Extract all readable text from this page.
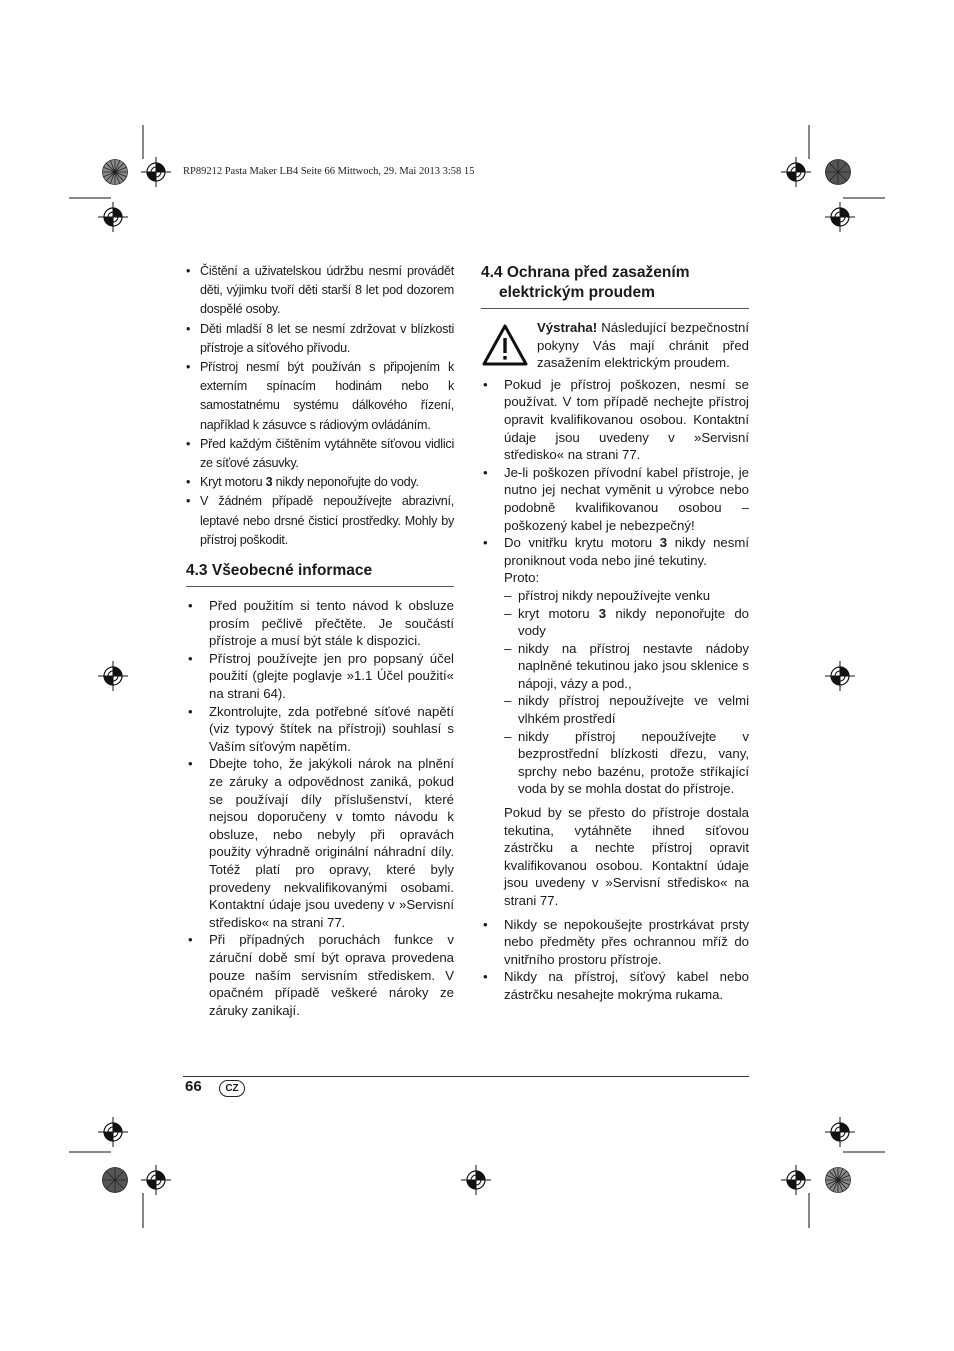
RP89212 Pasta Maker LB4 Seite 66 Mittwoch, 29. Mai 2013 3:58 15
• Čištění a uživatelskou údržbu nesmí provádět děti, výjimku tvoří děti starší 8 let pod dozorem dospělé osoby.
• Děti mladší 8 let se nesmí zdržovat v blízkosti přístroje a síťového přívodu.
• Přístroj nesmí být používán s připojením k externím spínacím hodinám nebo k samostatnému systému dálkového řízení, například k zásuvce s rádiovým ovládáním.
• Před každým čištěním vytáhněte síťovou vidlici ze síťové zásuvky.
• Kryt motoru 3 nikdy neponořujte do vody.
• V žádném případě nepoužívejte abrazivní, leptavé nebo drsné čisticí prostředky. Mohly by přístroj poškodit.
4.3 Všeobecné informace
• Před použitím si tento návod k obsluze prosím pečlivě přečtěte. Je součástí přístroje a musí být stále k dispozici.
• Přístroj používejte jen pro popsaný účel použití (glejte poglavje »1.1 Účel použití« na strani 64).
• Zkontrolujte, zda potřebné síťové napětí (viz typový štítek na přístroji) souhlasí s Vaším síťovým napětím.
• Dbejte toho, že jakýkoli nárok na plnění ze záruky a odpovědnost zaniká, pokud se používají díly příslušenství, které nejsou doporučeny v tomto návodu k obsluze, nebo nebyly při opravách použity výhradně originální náhradní díly. Totéž platí pro opravy, které byly provedeny nekvalifikovanými osobami. Kontaktní údaje jsou uvedeny v »Servisní středisko« na strani 77.
• Při případných poruchách funkce v záruční době smí být oprava provedena pouze naším servisním střediskem. V opačném případě veškeré nároky ze záruky zanikají.
4.4 Ochrana před zasažením
elektrickým proudem
Výstraha! Následující bezpečnostní pokyny Vás mají chránit před zasažením elektrickým proudem.
• Pokud je přístroj poškozen, nesmí se používat. V tom případě nechejte přístroj opravit kvalifikovanou osobou. Kontaktní údaje jsou uvedeny v »Servisní středisko« na strani 77.
• Je-li poškozen přívodní kabel přístroje, je nutno jej nechat vyměnit u výrobce nebo podobně kvalifikovanou osobou – poškozený kabel je nebezpečný!
• Do vnitřku krytu motoru 3 nikdy nesmí proniknout voda nebo jiné tekutiny.
Proto:
– přístroj nikdy nepoužívejte venku
– kryt motoru 3 nikdy neponořujte do vody
– nikdy na přístroj nestavte nádoby naplněné tekutinou jako jsou sklenice s nápoji, vázy a pod.,
– nikdy přístroj nepoužívejte ve velmi vlhkém prostředí
– nikdy přístroj nepoužívejte v bezprostřední blízkosti dřezu, vany, sprchy nebo bazénu, protože stříkající voda by se mohla dostat do přístroje.
Pokud by se přesto do přístroje dostala tekutina, vytáhněte ihned síťovou zástrčku a nechte přístroj opravit kvalifikovanou osobou. Kontaktní údaje jsou uvedeny v »Servisní středisko« na strani 77.
• Nikdy se nepokoušejte prostrkávat prsty nebo předměty přes ochrannou mříž do vnitřního prostoru přístroje.
• Nikdy na přístroj, síťový kabel nebo zástrčku nesahejte mokrýma rukama.
66	CZ
